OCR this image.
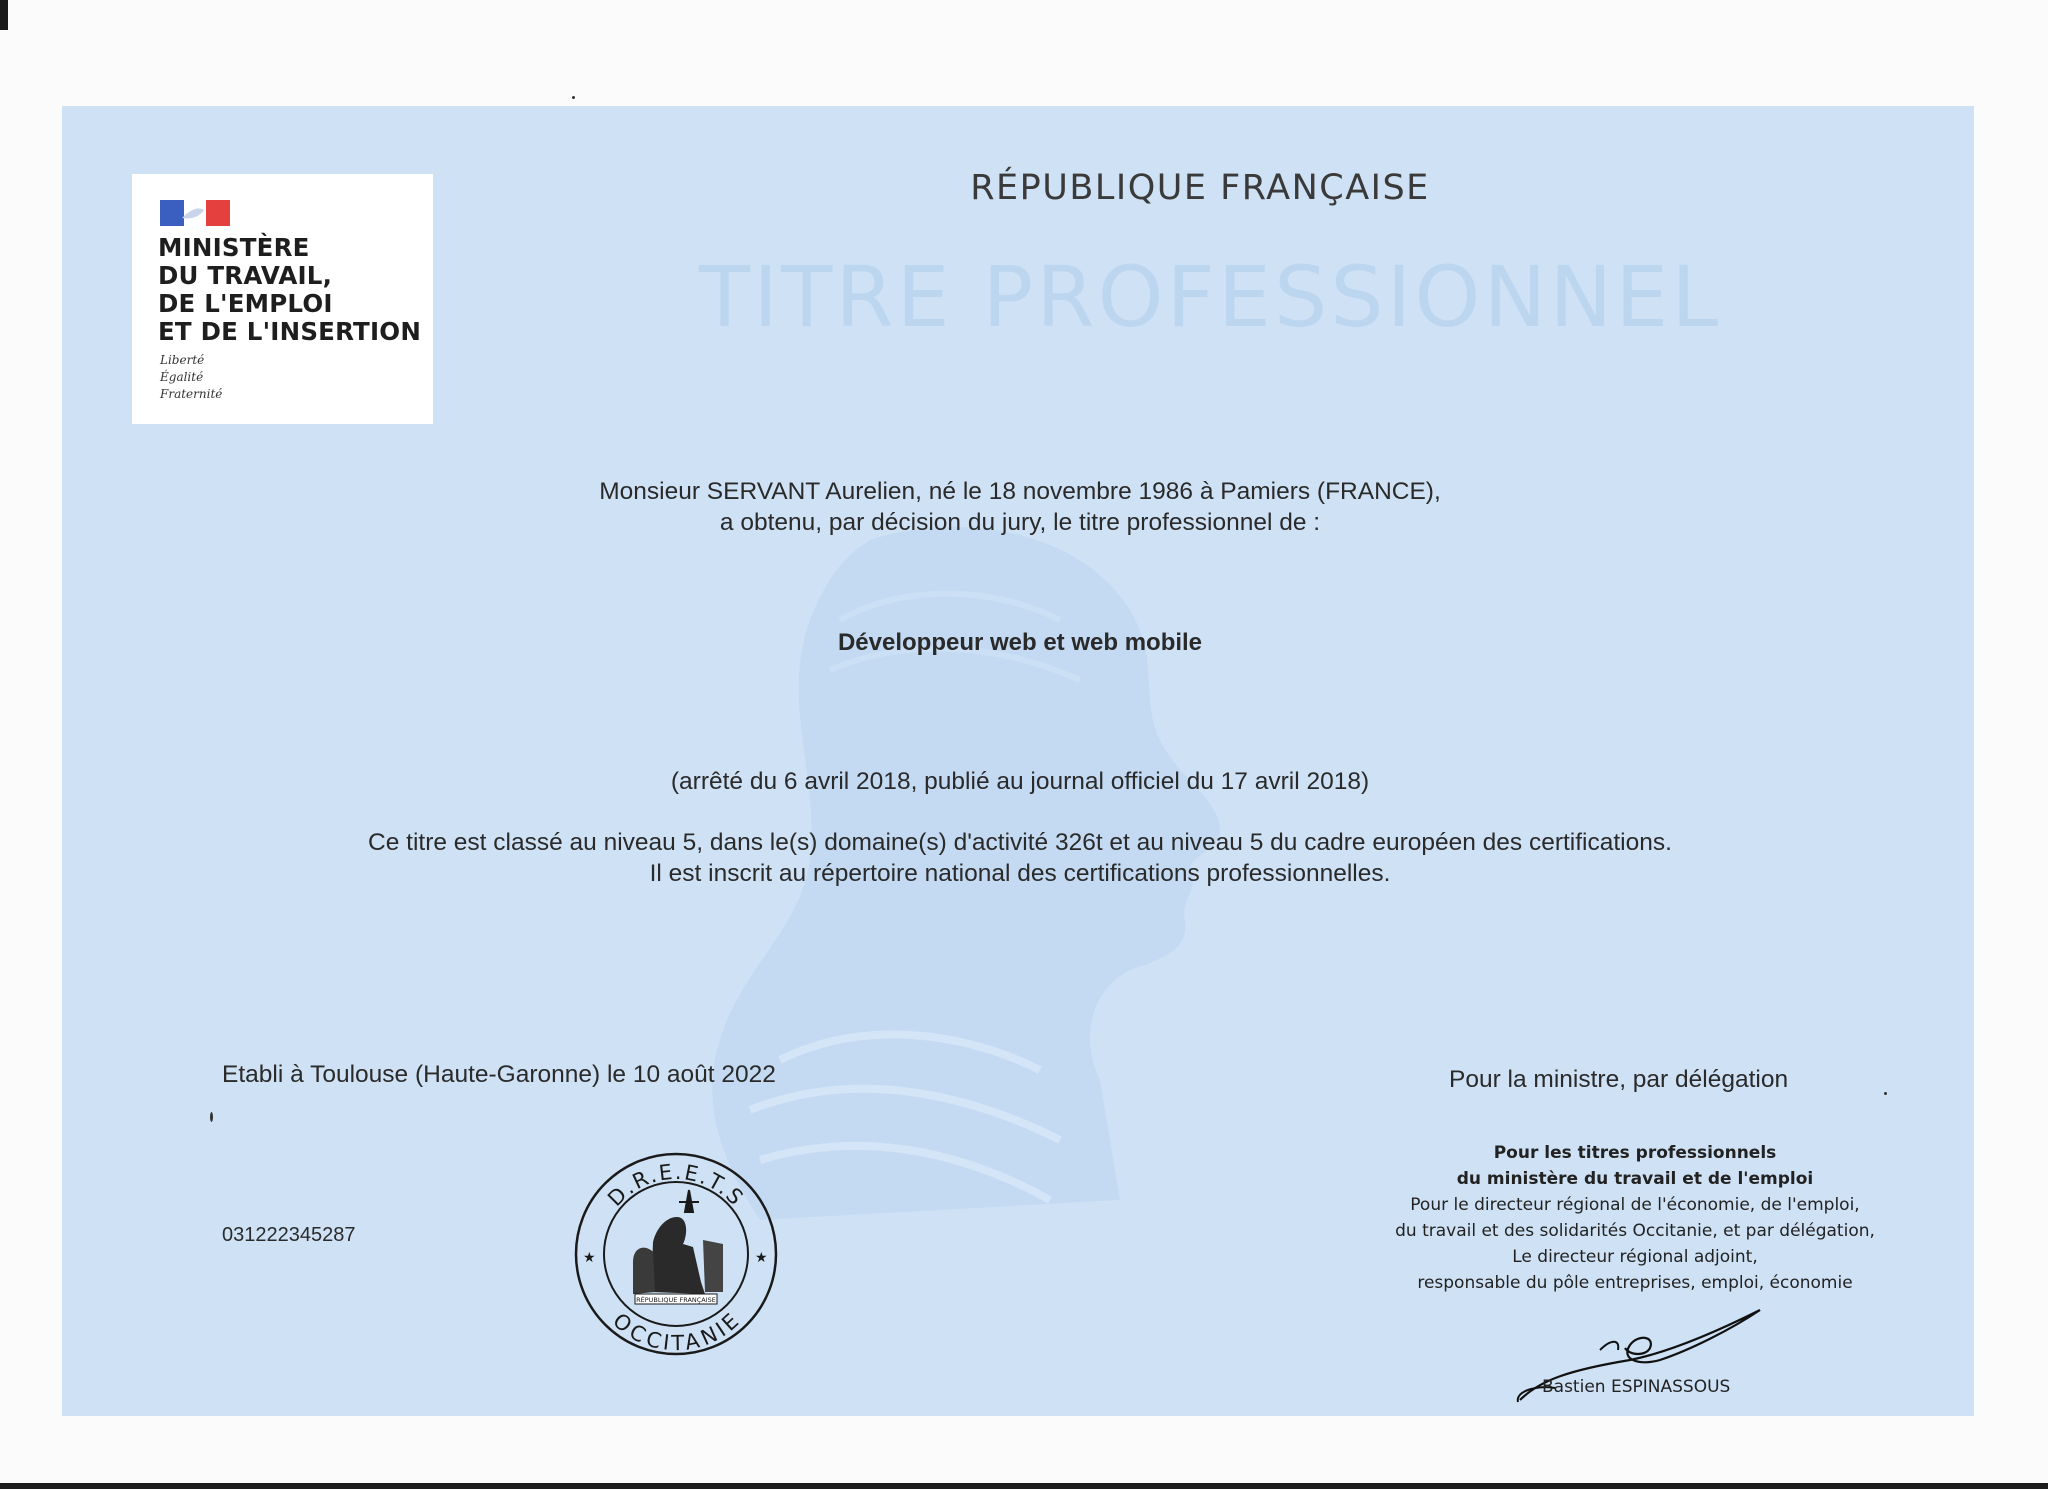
MINISTÈRE
DU TRAVAIL,
DE L'EMPLOI
ET DE L'INSERTION
Liberté
Égalité
Fraternité
RÉPUBLIQUE FRANÇAISE
TITRE PROFESSIONNEL
Monsieur SERVANT Aurelien, né le 18 novembre 1986 à Pamiers (FRANCE),
a obtenu, par décision du jury, le titre professionnel de :
Développeur web et web mobile
(arrêté du 6 avril 2018, publié au journal officiel du 17 avril 2018)
Ce titre est classé au niveau 5, dans le(s) domaine(s) d'activité 326t et au niveau 5 du cadre européen des certifications.
Il est inscrit au répertoire national des certifications professionnelles.
Etabli à Toulouse (Haute-Garonne) le 10 août 2022
031222345287
Pour la ministre, par délégation
Pour les titres professionnels
du ministère du travail et de l'emploi
Pour le directeur régional de l'économie, de l'emploi,
du travail et des solidarités Occitanie, et par délégation,
Le directeur régional adjoint,
responsable du pôle entreprises, emploi, économie
Bastien ESPINASSOUS
D.R.E.E.T.S
OCCITANIE
★	★
RÉPUBLIQUE FRANÇAISE
